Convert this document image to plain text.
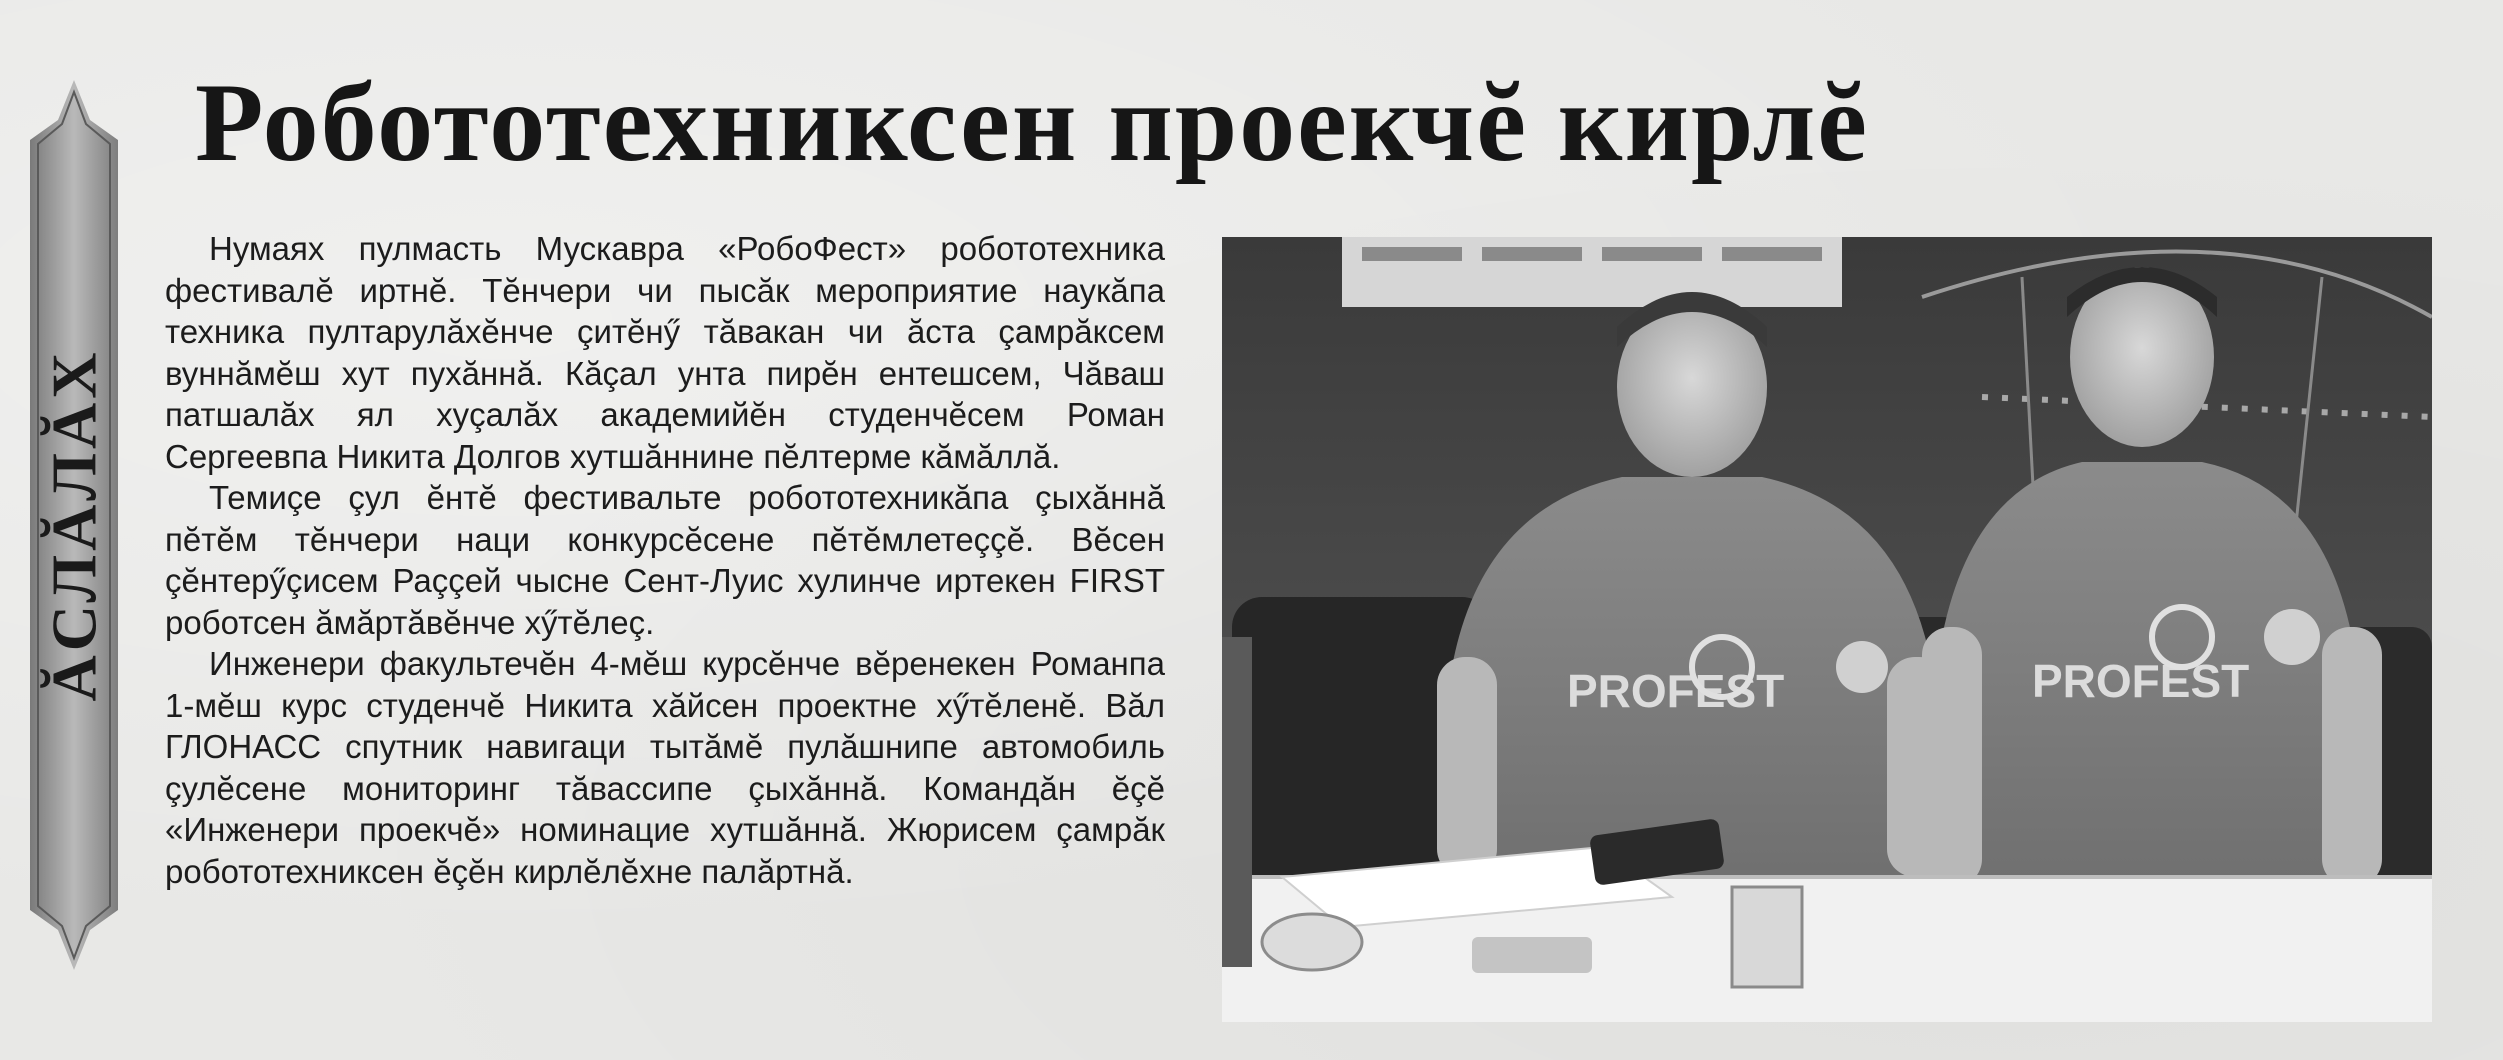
ĂСЛĂЛĂХ
Робототехниксен проекчĕ кирлĕ

Нумаях пулмасть Мускаврa «РобоФест» робототехника фестивалĕ иртнĕ. Тĕнчери чи пысăк мероприятие наукăпа техника пултарулăхĕнче çитĕнӳ тăвакан чи ăста çамрăксем вуннăмĕш хут пухăннă. Кăçал унта пирĕн ентешсем, Чăваш патшалăх ял хуçалăх академийĕн студенчĕсем Роман Сергеевпа Никита Долгов хутшăннине пĕлтерме кăмăллă.

Темиçе çул ĕнтĕ фестивальте робототехникăпа çыхăннă пĕтĕм тĕнчери наци конкурсĕсене пĕтĕмлетеççĕ. Вĕсен çĕнтерӳçисем Раççей чысне Сент-Луис хулинче иртекен FIRST роботсен ăмăртăвĕнче хӳтĕлеç.

Инженери факультечĕн 4-мĕш курсĕнче вĕренекен Романпа 1-мĕш курс студенчĕ Никита хăйсен проектне хӳтĕленĕ. Вăл ГЛОНАСС спутник навигаци тытăмĕ пулăшнипе автомобиль çулĕсене мониторинг тăвассипе çыхăннă. Командăн ĕçĕ «Инженери проекчĕ» номинацие хутшăннă. Жюрисем çамрăк робототехниксен ĕçĕн кирлĕлĕхне палăртнă.

PROFEST	PROFEST
